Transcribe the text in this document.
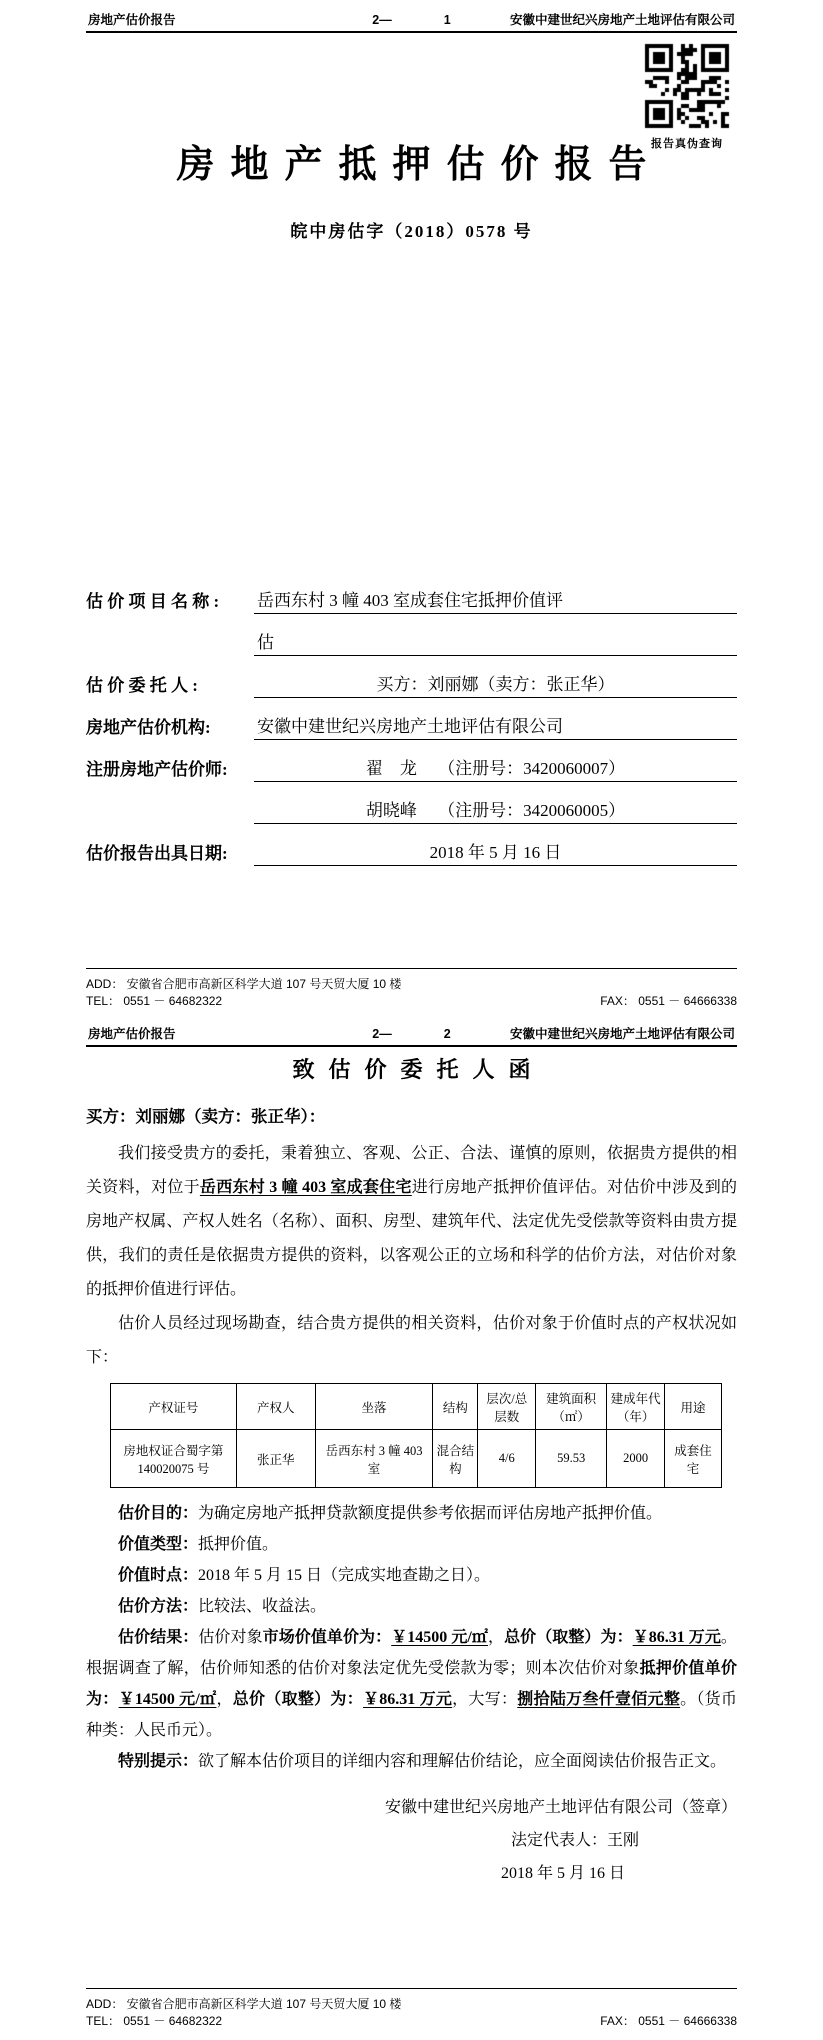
房地产估价报告	2—	1	安徽中建世纪兴房地产土地评估有限公司
报告真伪查询
房地产抵押估价报告
皖中房估字（2018）0578 号
估 价 项 目 名 称 :	岳西东村 3 幢 403 室成套住宅抵押价值评
估
估 价 委 托 人 :	买方：刘丽娜（卖方：张正华）
房地产估价机构:	安徽中建世纪兴房地产土地评估有限公司
注册房地产估价师:	翟　龙　 （注册号：3420060007）
胡晓峰　 （注册号：3420060005）
估价报告出具日期:	2018 年 5 月 16 日
ADD： 安徽省合肥市高新区科学大道 107 号天贸大厦 10 楼
TEL： 0551 － 64682322	FAX： 0551 － 64666338
房地产估价报告	2—	2	安徽中建世纪兴房地产土地评估有限公司
致估价委托人函
买方：刘丽娜（卖方：张正华）：

我们接受贵方的委托，秉着独立、客观、公正、合法、谨慎的原则，依据贵方提供的相关资料，对位于岳西东村 3 幢 403 室成套住宅进行房地产抵押价值评估。对估价中涉及到的房地产权属、产权人姓名（名称）、面积、房型、建筑年代、法定优先受偿款等资料由贵方提供，我们的责任是依据贵方提供的资料，以客观公正的立场和科学的估价方法，对估价对象的抵押价值进行评估。

估价人员经过现场勘查，结合贵方提供的相关资料，估价对象于价值时点的产权状况如下：

产权证号	产权人	坐落	结构	层次/总层数	建筑面积（㎡）	建成年代（年）	用途
房地权证合蜀字第 140020075 号	张正华	岳西东村 3 幢 403 室	混合结构	4/6	59.53	2000	成套住宅

估价目的：为确定房地产抵押贷款额度提供参考依据而评估房地产抵押价值。

价值类型：抵押价值。

价值时点：2018 年 5 月 15 日（完成实地查勘之日）。

估价方法：比较法、收益法。

估价结果：估价对象市场价值单价为：￥14500 元/㎡，总价（取整）为：￥86.31 万元。根据调查了解，估价师知悉的估价对象法定优先受偿款为零；则本次估价对象抵押价值单价为：￥14500 元/㎡，总价（取整）为：￥86.31 万元，大写：捌拾陆万叁仟壹佰元整。（货币种类：人民币元）。

特别提示：欲了解本估价项目的详细内容和理解估价结论，应全面阅读估价报告正文。

安徽中建世纪兴房地产土地评估有限公司（签章）
法定代表人：王刚
2018 年 5 月 16 日
ADD： 安徽省合肥市高新区科学大道 107 号天贸大厦 10 楼
TEL： 0551 － 64682322	FAX： 0551 － 64666338
